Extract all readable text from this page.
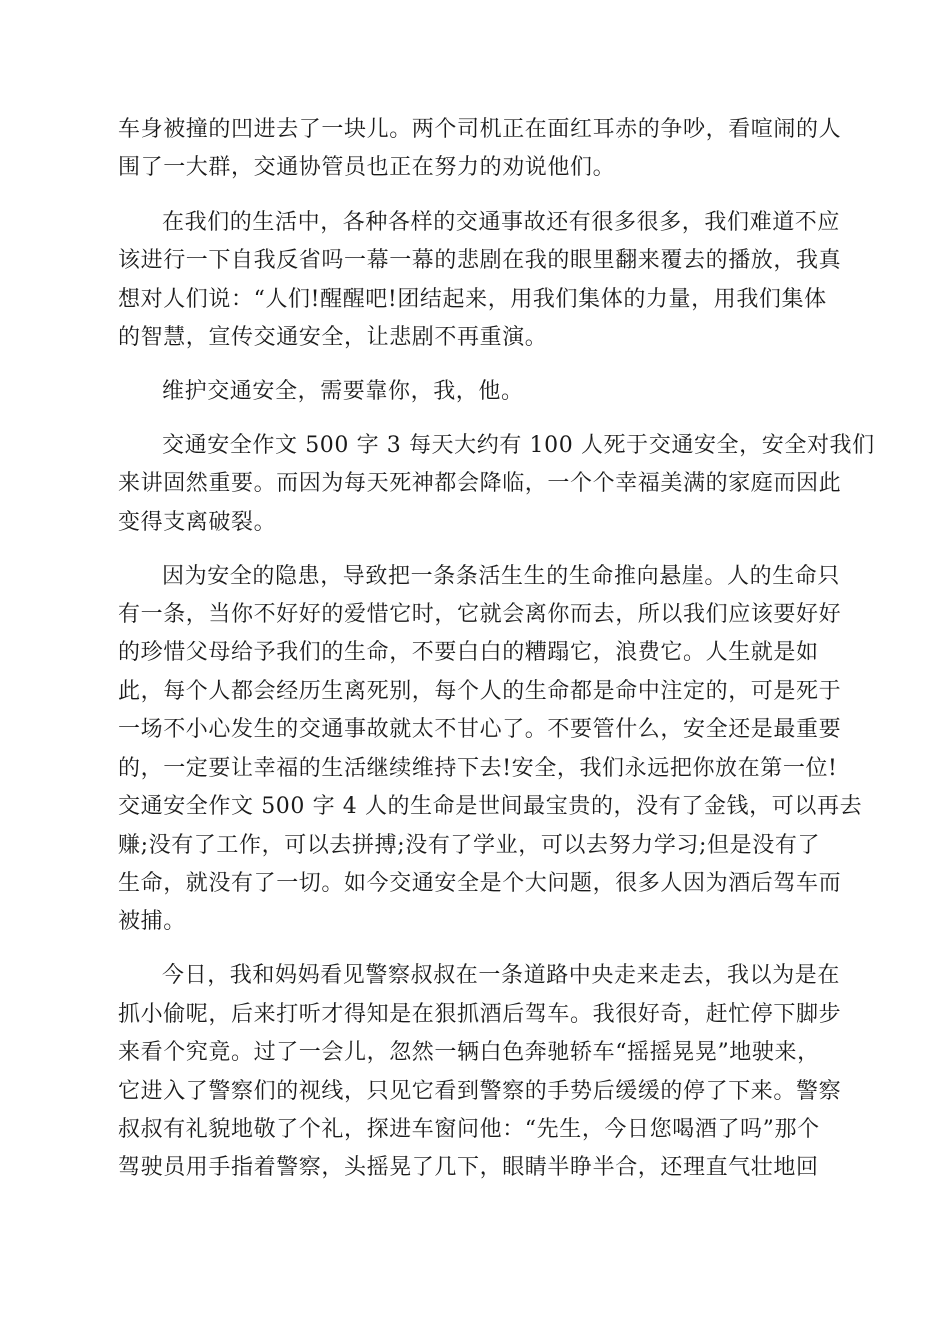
车身被撞的凹进去了一块儿。两个司机正在面红耳赤的争吵，看喧闹的人
围了一大群，交通协管员也正在努力的劝说他们。
在我们的生活中，各种各样的交通事故还有很多很多，我们难道不应
该进行一下自我反省吗一幕一幕的悲剧在我的眼里翻来覆去的播放，我真
想对人们说：“人们!醒醒吧!团结起来，用我们集体的力量，用我们集体
的智慧，宣传交通安全，让悲剧不再重演。
维护交通安全，需要靠你，我，他。
交通安全作文 500 字 3 每天大约有 100 人死于交通安全，安全对我们
来讲固然重要。而因为每天死神都会降临，一个个幸福美满的家庭而因此
变得支离破裂。
因为安全的隐患，导致把一条条活生生的生命推向悬崖。人的生命只
有一条，当你不好好的爱惜它时，它就会离你而去，所以我们应该要好好
的珍惜父母给予我们的生命，不要白白的糟蹋它，浪费它。人生就是如
此，每个人都会经历生离死别，每个人的生命都是命中注定的，可是死于
一场不小心发生的交通事故就太不甘心了。不要管什么，安全还是最重要
的，一定要让幸福的生活继续维持下去!安全，我们永远把你放在第一位!
交通安全作文 500 字 4 人的生命是世间最宝贵的，没有了金钱，可以再去
赚;没有了工作，可以去拼搏;没有了学业，可以去努力学习;但是没有了
生命，就没有了一切。如今交通安全是个大问题，很多人因为酒后驾车而
被捕。
今日，我和妈妈看见警察叔叔在一条道路中央走来走去，我以为是在
抓小偷呢，后来打听才得知是在狠抓酒后驾车。我很好奇，赶忙停下脚步
来看个究竟。过了一会儿，忽然一辆白色奔驰轿车“摇摇晃晃”地驶来，
它进入了警察们的视线，只见它看到警察的手势后缓缓的停了下来。警察
叔叔有礼貌地敬了个礼，探进车窗问他：“先生，今日您喝酒了吗”那个
驾驶员用手指着警察，头摇晃了几下，眼睛半睁半合，还理直气壮地回
